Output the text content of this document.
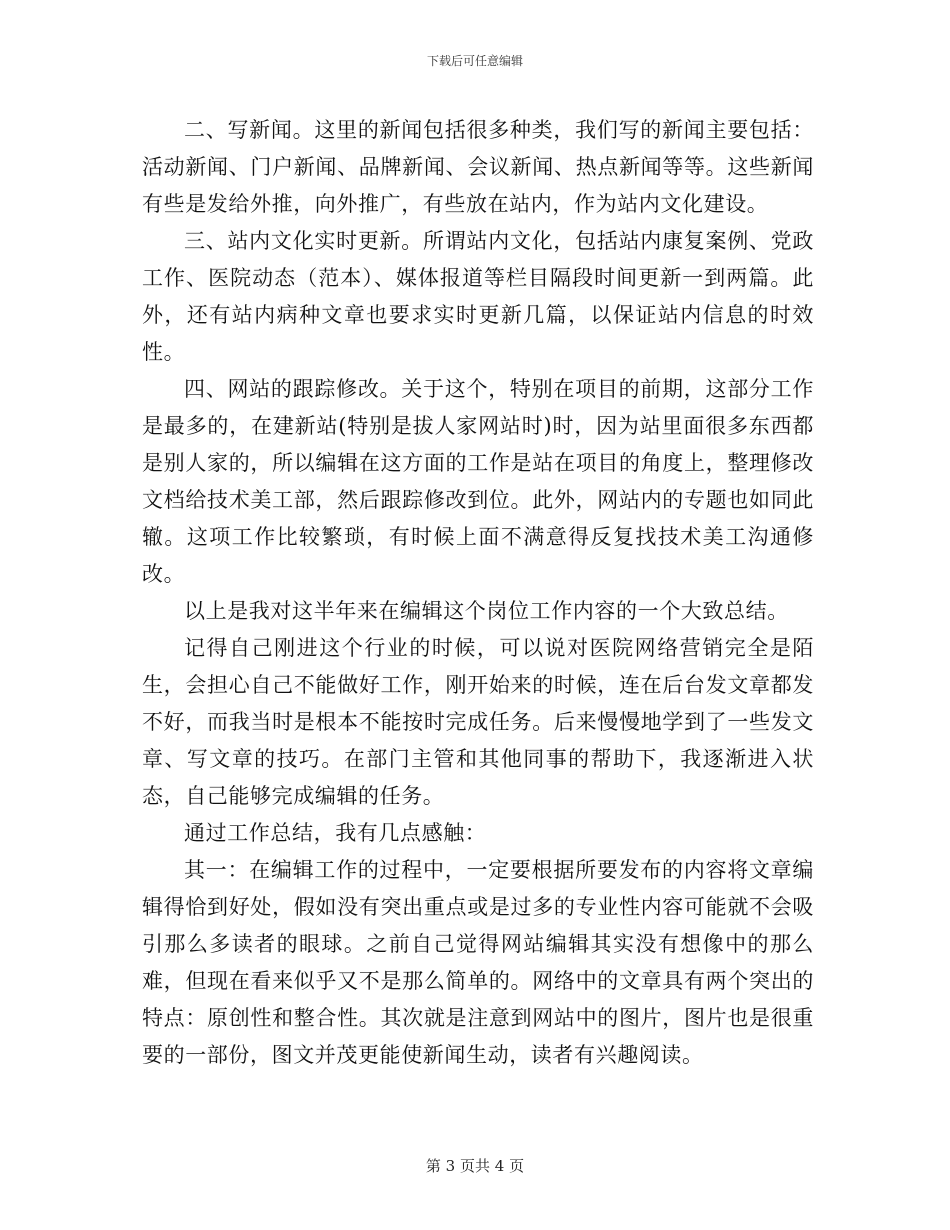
下载后可任意编辑

二、写新闻。这里的新闻包括很多种类，我们写的新闻主要包括：活动新闻、门户新闻、品牌新闻、会议新闻、热点新闻等等。这些新闻有些是发给外推，向外推广，有些放在站内，作为站内文化建设。

三、站内文化实时更新。所谓站内文化，包括站内康复案例、党政工作、医院动态（范本）、媒体报道等栏目隔段时间更新一到两篇。此外，还有站内病种文章也要求实时更新几篇，以保证站内信息的时效性。

四、网站的跟踪修改。关于这个，特别在项目的前期，这部分工作是最多的，在建新站(特别是拔人家网站时)时，因为站里面很多东西都是别人家的，所以编辑在这方面的工作是站在项目的角度上，整理修改文档给技术美工部，然后跟踪修改到位。此外，网站内的专题也如同此辙。这项工作比较繁琐，有时候上面不满意得反复找技术美工沟通修改。

以上是我对这半年来在编辑这个岗位工作内容的一个大致总结。

记得自己刚进这个行业的时候，可以说对医院网络营销完全是陌生，会担心自己不能做好工作，刚开始来的时候，连在后台发文章都发不好，而我当时是根本不能按时完成任务。后来慢慢地学到了一些发文章、写文章的技巧。在部门主管和其他同事的帮助下，我逐渐进入状态，自己能够完成编辑的任务。

通过工作总结，我有几点感触：

其一：在编辑工作的过程中，一定要根据所要发布的内容将文章编辑得恰到好处，假如没有突出重点或是过多的专业性内容可能就不会吸引那么多读者的眼球。之前自己觉得网站编辑其实没有想像中的那么难，但现在看来似乎又不是那么简单的。网络中的文章具有两个突出的特点：原创性和整合性。其次就是注意到网站中的图片，图片也是很重要的一部份，图文并茂更能使新闻生动，读者有兴趣阅读。

第 3 页共 4 页
